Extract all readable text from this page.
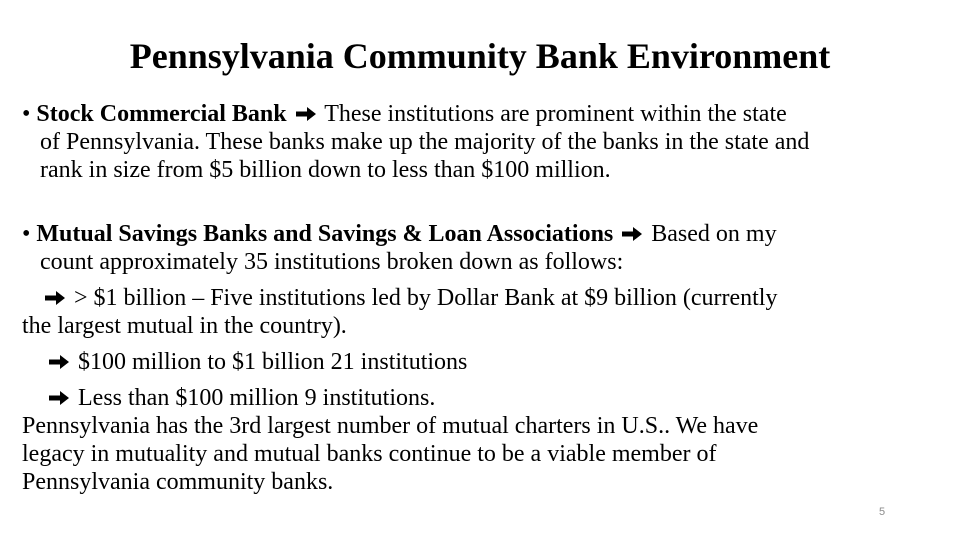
Pennsylvania Community Bank Environment
• Stock Commercial Bank These institutions are prominent within the state
of Pennsylvania. These banks make up the majority of the banks in the state and
rank in size from $5 billion down to less than $100 million.
• Mutual Savings Banks and Savings & Loan Associations Based on my
count approximately 35 institutions broken down as follows:
> $1 billion – Five institutions led by Dollar Bank at $9 billion (currently
the largest mutual in the country).
$100 million to $1 billion 21 institutions
Less than $100 million 9 institutions.
Pennsylvania has the 3rd largest number of mutual charters in U.S.. We have
legacy in mutuality and mutual banks continue to be a viable member of
Pennsylvania community banks.
5
